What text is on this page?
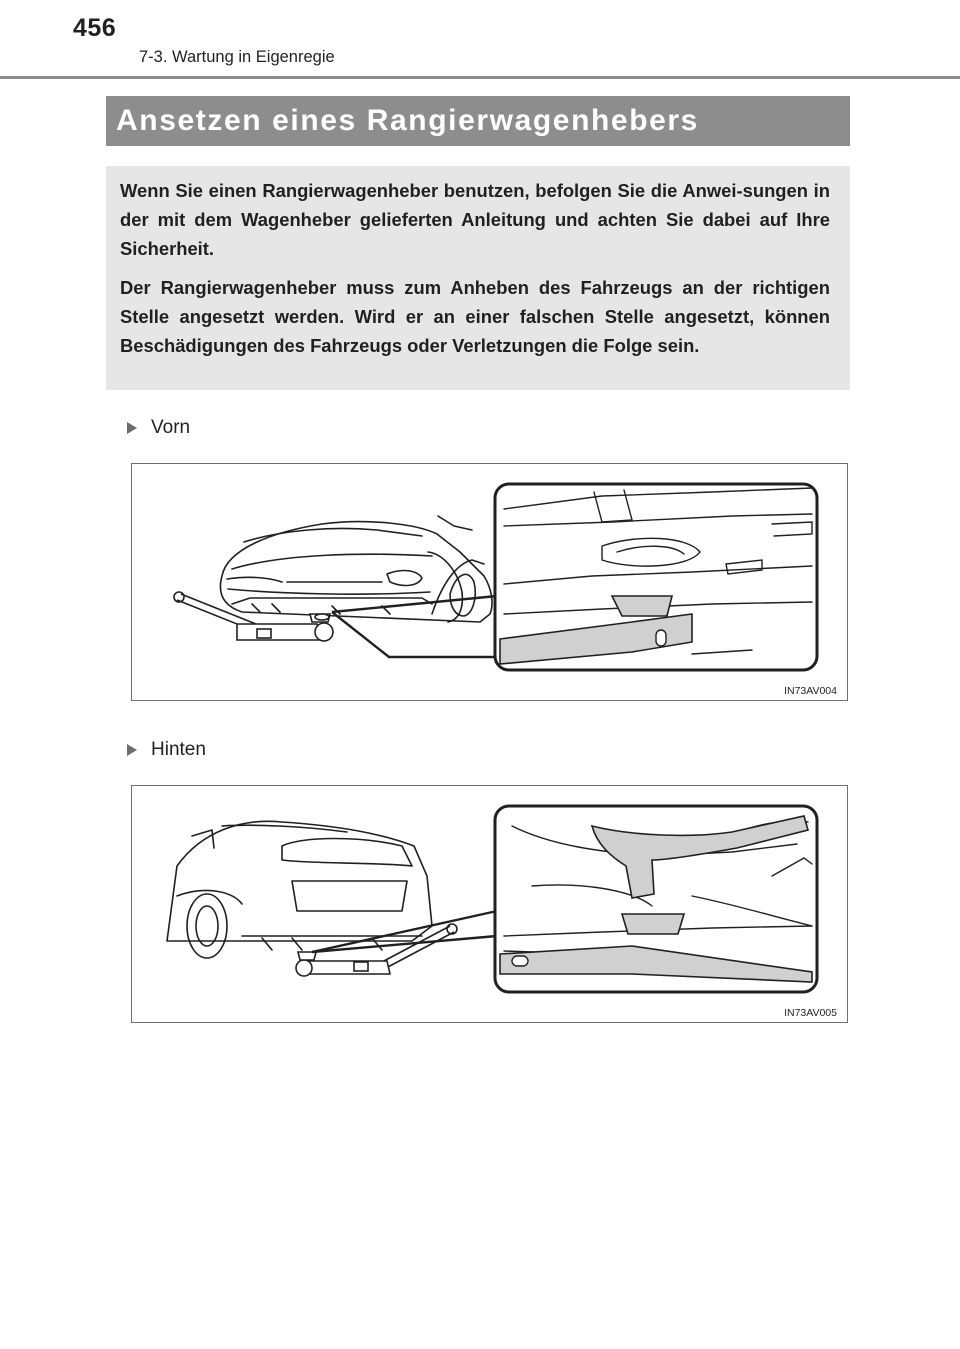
456
7-3. Wartung in Eigenregie
Ansetzen eines Rangierwagenhebers

Wenn Sie einen Rangierwagenheber benutzen, befolgen Sie die Anwei-sungen in der mit dem Wagenheber gelieferten Anleitung und achten Sie dabei auf Ihre Sicherheit.

Der Rangierwagenheber muss zum Anheben des Fahrzeugs an der richtigen Stelle angesetzt werden. Wird er an einer falschen Stelle angesetzt, können Beschädigungen des Fahrzeugs oder Verletzungen die Folge sein.

Vorn
IN73AV004
Hinten
IN73AV005
